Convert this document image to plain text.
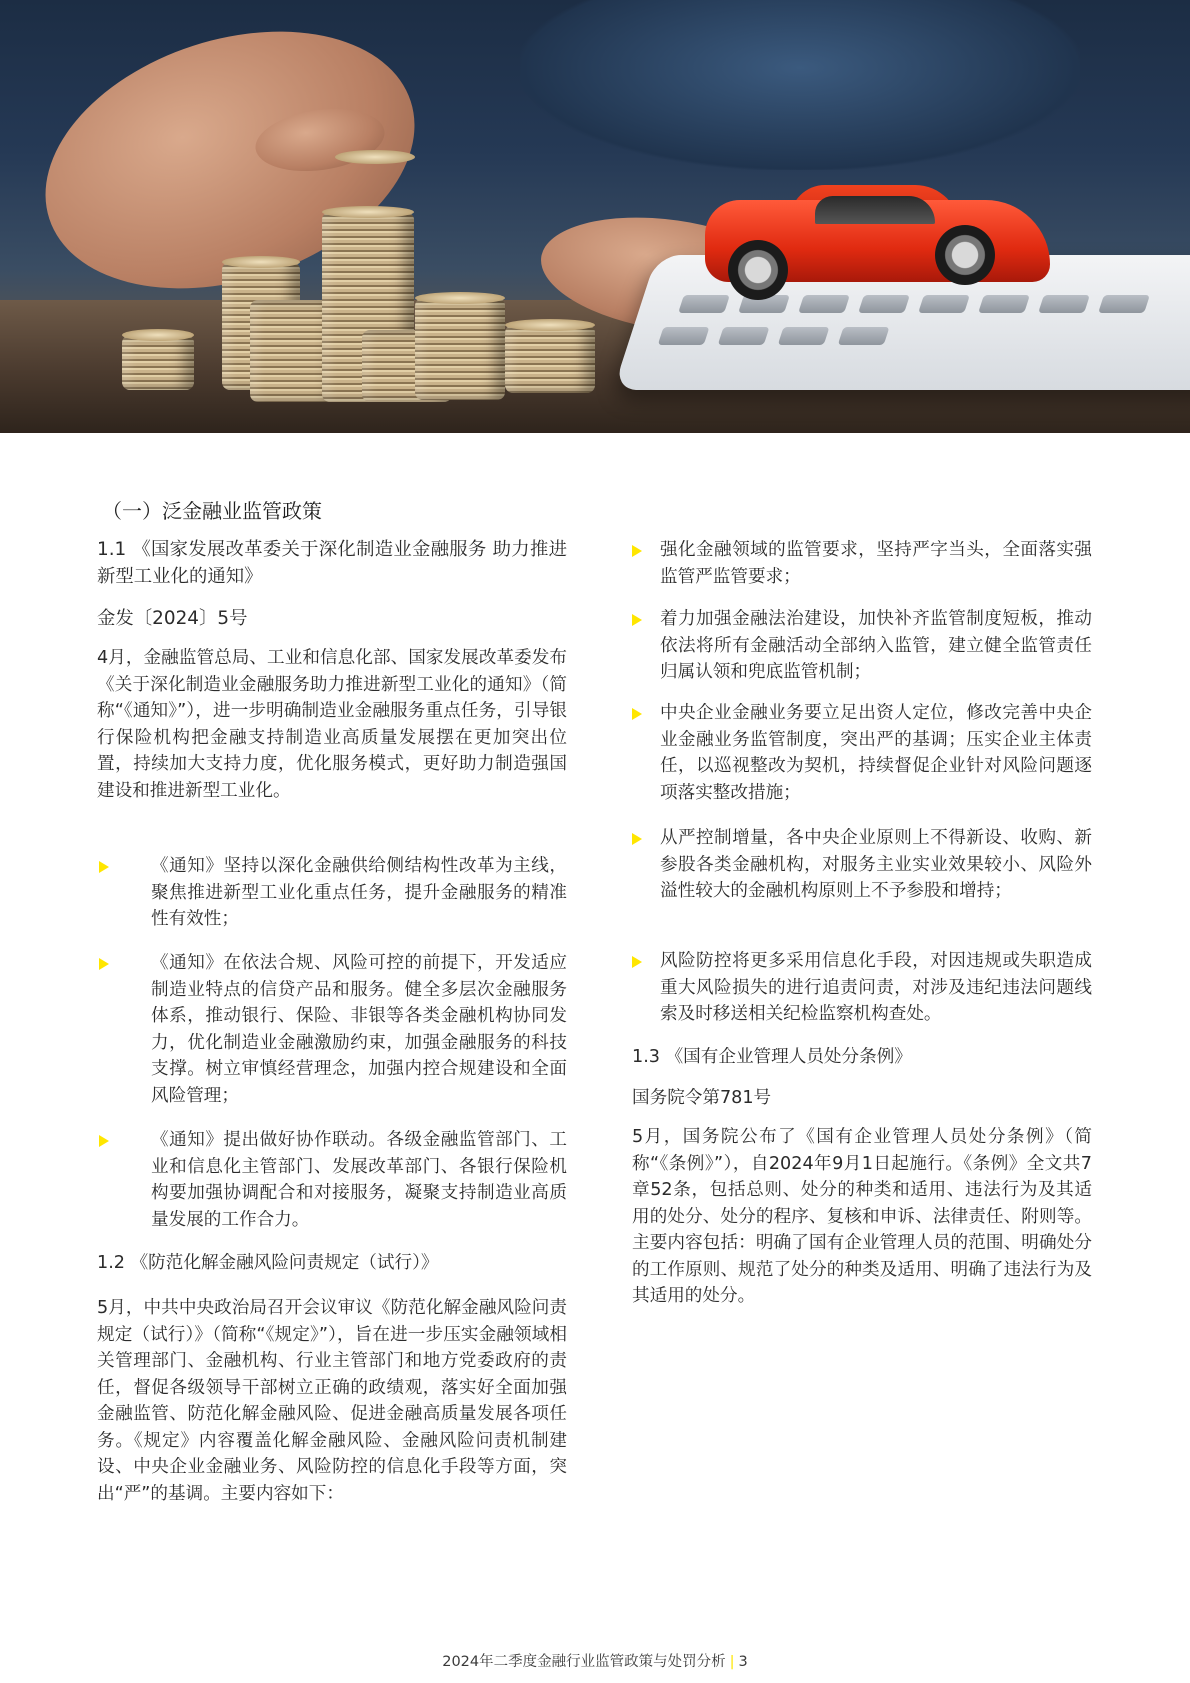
（一）泛金融业监管政策
1.1 《国家发展改革委关于深化制造业金融服务 助力推进新型工业化的通知》
金发〔2024〕5号
4月，金融监管总局、工业和信息化部、国家发展改革委发布《关于深化制造业金融服务助力推进新型工业化的通知》（简称“《通知》”），进一步明确制造业金融服务重点任务，引导银行保险机构把金融支持制造业高质量发展摆在更加突出位置，持续加大支持力度，优化服务模式，更好助力制造强国建设和推进新型工业化。
《通知》坚持以深化金融供给侧结构性改革为主线，聚焦推进新型工业化重点任务，提升金融服务的精准性有效性；
《通知》在依法合规、风险可控的前提下，开发适应制造业特点的信贷产品和服务。健全多层次金融服务体系，推动银行、保险、非银等各类金融机构协同发力，优化制造业金融激励约束，加强金融服务的科技支撑。树立审慎经营理念，加强内控合规建设和全面风险管理；
《通知》提出做好协作联动。各级金融监管部门、工业和信息化主管部门、发展改革部门、各银行保险机构要加强协调配合和对接服务，凝聚支持制造业高质量发展的工作合力。
1.2 《防范化解金融风险问责规定（试行）》
5月，中共中央政治局召开会议审议《防范化解金融风险问责规定（试行）》（简称“《规定》”），旨在进一步压实金融领域相关管理部门、金融机构、行业主管部门和地方党委政府的责任，督促各级领导干部树立正确的政绩观，落实好全面加强金融监管、防范化解金融风险、促进金融高质量发展各项任务。《规定》内容覆盖化解金融风险、金融风险问责机制建设、中央企业金融业务、风险防控的信息化手段等方面，突出“严”的基调。主要内容如下：
强化金融领域的监管要求，坚持严字当头，全面落实强监管严监管要求；
着力加强金融法治建设，加快补齐监管制度短板，推动依法将所有金融活动全部纳入监管，建立健全监管责任归属认领和兜底监管机制；
中央企业金融业务要立足出资人定位，修改完善中央企业金融业务监管制度，突出严的基调；压实企业主体责任，以巡视整改为契机，持续督促企业针对风险问题逐项落实整改措施；
从严控制增量，各中央企业原则上不得新设、收购、新参股各类金融机构，对服务主业实业效果较小、风险外溢性较大的金融机构原则上不予参股和增持；
风险防控将更多采用信息化手段，对因违规或失职造成重大风险损失的进行追责问责，对涉及违纪违法问题线索及时移送相关纪检监察机构查处。
1.3 《国有企业管理人员处分条例》
国务院令第781号
5月，国务院公布了《国有企业管理人员处分条例》（简称“《条例》”），自2024年9月1日起施行。《条例》全文共7章52条，包括总则、处分的种类和适用、违法行为及其适用的处分、处分的程序、复核和申诉、法律责任、附则等。主要内容包括：明确了国有企业管理人员的范围、明确处分的工作原则、规范了处分的种类及适用、明确了违法行为及其适用的处分。
2024年二季度金融行业监管政策与处罚分析 | 3
